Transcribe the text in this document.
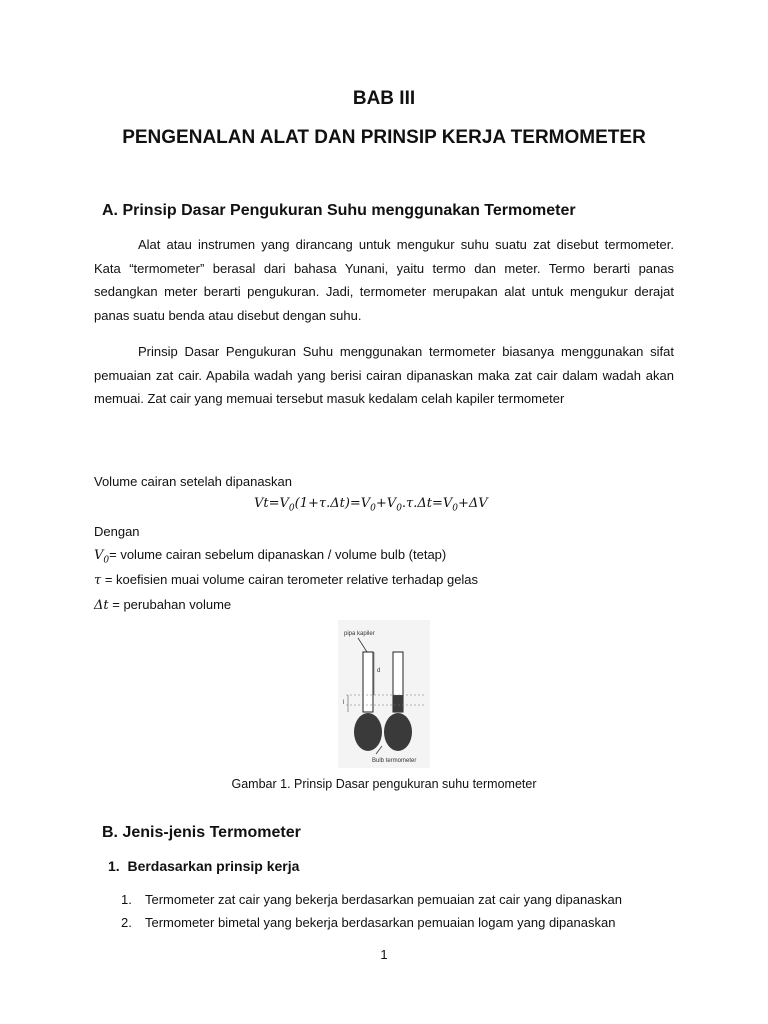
BAB III
PENGENALAN ALAT DAN PRINSIP KERJA TERMOMETER
A. Prinsip Dasar Pengukuran Suhu menggunakan Termometer

Alat atau instrumen yang dirancang untuk mengukur suhu suatu zat disebut termometer. Kata “termometer” berasal dari bahasa Yunani, yaitu termo dan meter. Termo berarti panas sedangkan meter berarti pengukuran. Jadi, termometer merupakan alat untuk mengukur derajat panas suatu benda atau disebut dengan suhu.

Prinsip Dasar Pengukuran Suhu menggunakan termometer biasanya menggunakan sifat pemuaian zat cair. Apabila wadah yang berisi cairan dipanaskan maka zat cair dalam wadah akan memuai. Zat cair yang memuai tersebut masuk kedalam celah kapiler termometer

Volume cairan setelah dipanaskan
$Vt=V_0(1+\tau.\Delta t)=V_0+V_0.\tau.\Delta t=V_0+\Delta V$
Dengan
$V_0=$ volume cairan sebelum dipanaskan / volume bulb (tetap)
τ = koefisien muai volume cairan terometer relative terhadap gelas
Δt = perubahan volume
pipa kapiler
d
l
Bulb termometer
Gambar 1. Prinsip Dasar pengukuran suhu termometer
B. Jenis-jenis Termometer
1.  Berdasarkan prinsip kerja
1. Termometer zat cair yang bekerja berdasarkan pemuaian zat cair yang dipanaskan
2. Termometer bimetal yang bekerja berdasarkan pemuaian logam yang dipanaskan
1
